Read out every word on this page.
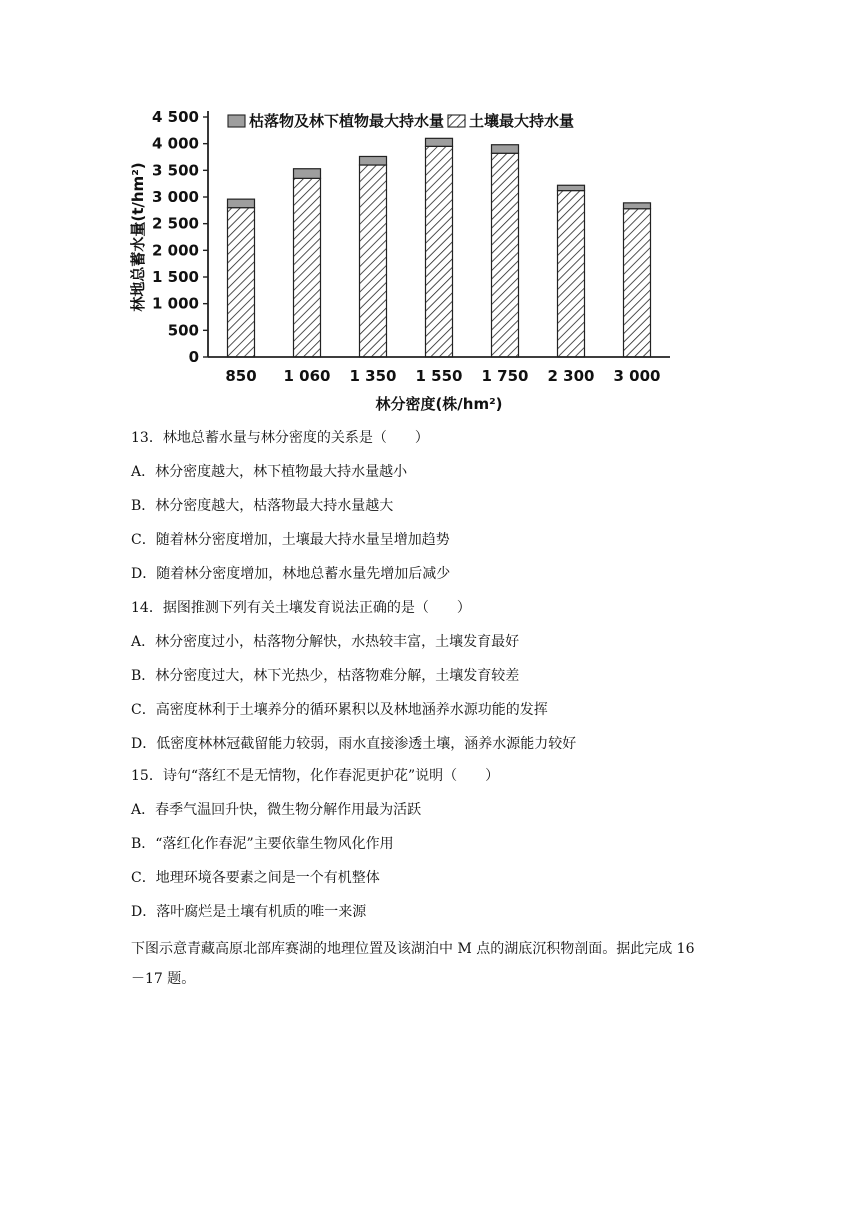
850 1 060 1 350 1 550 1 750 2 300 3 000
0
500
1 000
1 500
2 000
2 500
3 000
3 500
4 000
4 500
林分密度(株/hm²)
林地总蓄水量(t/hm²)
枯落物及林下植物最大持水量 土壤最大持水量
13．林地总蓄水量与林分密度的关系是（　　）
A．林分密度越大，林下植物最大持水量越小
B．林分密度越大，枯落物最大持水量越大
C．随着林分密度增加，土壤最大持水量呈增加趋势
D．随着林分密度增加，林地总蓄水量先增加后减少
14．据图推测下列有关土壤发育说法正确的是（　　）
A．林分密度过小，枯落物分解快，水热较丰富，土壤发育最好
B．林分密度过大，林下光热少，枯落物难分解，土壤发育较差
C．高密度林利于土壤养分的循环累积以及林地涵养水源功能的发挥
D．低密度林林冠截留能力较弱，雨水直接渗透土壤，涵养水源能力较好
15．诗句“落红不是无情物，化作春泥更护花”说明（　　）
A．春季气温回升快，微生物分解作用最为活跃
B．“落红化作春泥”主要依靠生物风化作用
C．地理环境各要素之间是一个有机整体
D．落叶腐烂是土壤有机质的唯一来源
下图示意青藏高原北部库赛湖的地理位置及该湖泊中 M 点的湖底沉积物剖面。据此完成 16
－17 题。
